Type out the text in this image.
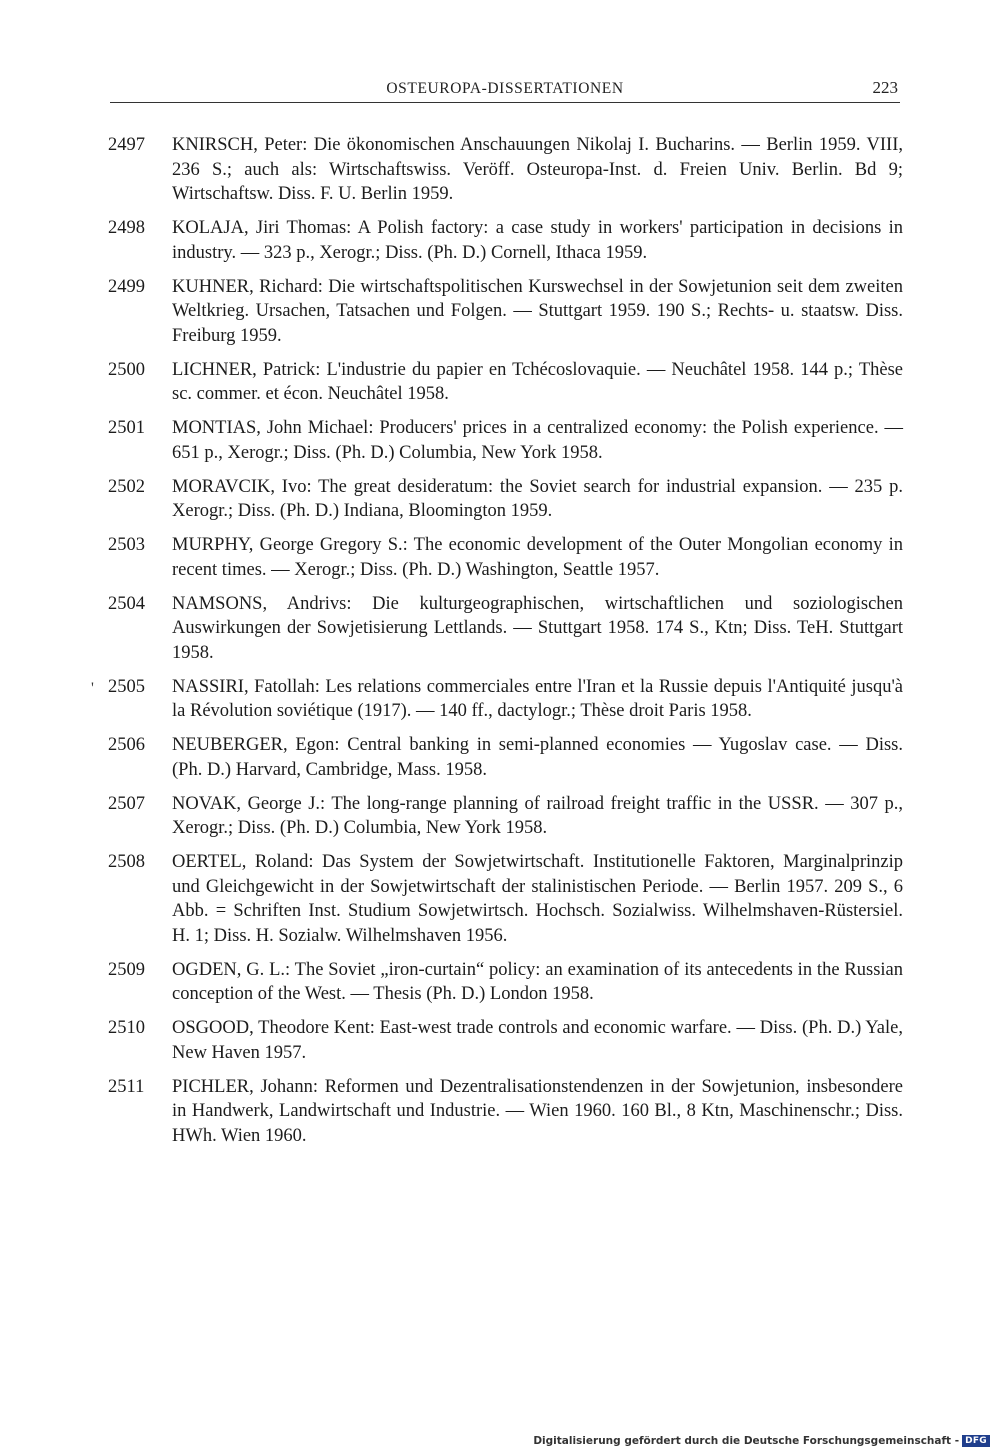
OSTEUROPA-DISSERTATIONEN	223
2497	KNIRSCH, Peter: Die ökonomischen Anschauungen Nikolaj I. Bucharins. — Berlin 1959. VIII, 236 S.; auch als: Wirtschaftswiss. Veröff. Osteuropa-Inst. d. Freien Univ. Berlin. Bd 9; Wirtschaftsw. Diss. F. U. Berlin 1959.
2498	KOLAJA, Jiri Thomas: A Polish factory: a case study in workers' participation in decisions in industry. — 323 p., Xerogr.; Diss. (Ph. D.) Cornell, Ithaca 1959.
2499	KUHNER, Richard: Die wirtschaftspolitischen Kurswechsel in der Sowjetunion seit dem zweiten Weltkrieg. Ursachen, Tatsachen und Folgen. — Stuttgart 1959. 190 S.; Rechts- u. staatsw. Diss. Freiburg 1959.
2500	LICHNER, Patrick: L'industrie du papier en Tchécoslovaquie. — Neuchâtel 1958. 144 p.; Thèse sc. commer. et écon. Neuchâtel 1958.
2501	MONTIAS, John Michael: Producers' prices in a centralized economy: the Polish experience. — 651 p., Xerogr.; Diss. (Ph. D.) Columbia, New York 1958.
2502	MORAVCIK, Ivo: The great desideratum: the Soviet search for industrial expansion. — 235 p. Xerogr.; Diss. (Ph. D.) Indiana, Bloomington 1959.
2503	MURPHY, George Gregory S.: The economic development of the Outer Mongolian economy in recent times. — Xerogr.; Diss. (Ph. D.) Washington, Seattle 1957.
2504	NAMSONS, Andrivs: Die kulturgeographischen, wirtschaftlichen und soziologischen Auswirkungen der Sowjetisierung Lettlands. — Stuttgart 1958. 174 S., Ktn; Diss. TeH. Stuttgart 1958.
' 2505	NASSIRI, Fatollah: Les relations commerciales entre l'Iran et la Russie depuis l'Antiquité jusqu'à la Révolution soviétique (1917). — 140 ff., dactylogr.; Thèse droit Paris 1958.
2506	NEUBERGER, Egon: Central banking in semi-planned economies — Yugoslav case. — Diss. (Ph. D.) Harvard, Cambridge, Mass. 1958.
2507	NOVAK, George J.: The long-range planning of railroad freight traffic in the USSR. — 307 p., Xerogr.; Diss. (Ph. D.) Columbia, New York 1958.
2508	OERTEL, Roland: Das System der Sowjetwirtschaft. Institutionelle Faktoren, Marginalprinzip und Gleichgewicht in der Sowjetwirtschaft der stalinistischen Periode. — Berlin 1957. 209 S., 6 Abb. = Schriften Inst. Studium Sowjetwirtsch. Hochsch. Sozialwiss. Wilhelmshaven-Rüstersiel. H. 1; Diss. H. Sozialw. Wilhelmshaven 1956.
2509	OGDEN, G. L.: The Soviet „iron-curtain“ policy: an examination of its antecedents in the Russian conception of the West. — Thesis (Ph. D.) London 1958.
2510	OSGOOD, Theodore Kent: East-west trade controls and economic warfare. — Diss. (Ph. D.) Yale, New Haven 1957.
2511	PICHLER, Johann: Reformen und Dezentralisationstendenzen in der Sowjetunion, insbesondere in Handwerk, Landwirtschaft und Industrie. — Wien 1960. 160 Bl., 8 Ktn, Maschinenschr.; Diss. HWh. Wien 1960.
Digitalisierung gefördert durch die Deutsche Forschungsgemeinschaft - DFG
